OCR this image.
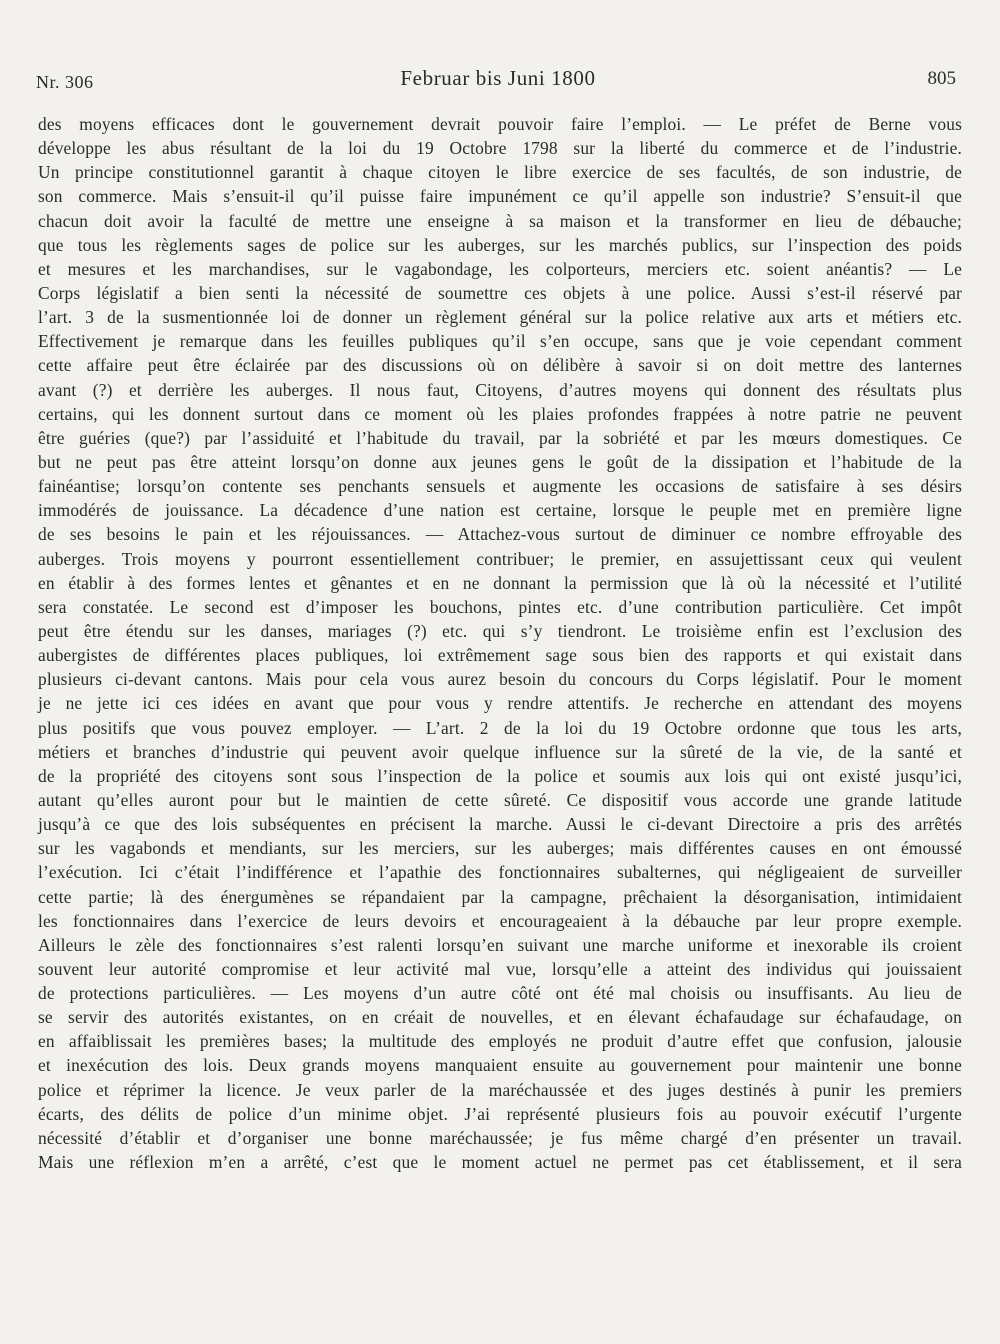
Nr. 306	Februar bis Juni 1800	805
des moyens efficaces dont le gouvernement devrait pouvoir faire l’emploi. — Le préfet de Berne vous
développe les abus résultant de la loi du 19 Octobre 1798 sur la liberté du commerce et de l’industrie.
Un principe constitutionnel garantit à chaque citoyen le libre exercice de ses facultés, de son industrie, de
son commerce. Mais s’ensuit-il qu’il puisse faire impunément ce qu’il appelle son industrie? S’ensuit-il que
chacun doit avoir la faculté de mettre une enseigne à sa maison et la transformer en lieu de débauche;
que tous les règlements sages de police sur les auberges, sur les marchés publics, sur l’inspection des poids
et mesures et les marchandises, sur le vagabondage, les colporteurs, merciers etc. soient anéantis? — Le
Corps législatif a bien senti la nécessité de soumettre ces objets à une police. Aussi s’est-il réservé par
l’art. 3 de la susmentionnée loi de donner un règlement général sur la police relative aux arts et métiers etc.
Effectivement je remarque dans les feuilles publiques qu’il s’en occupe, sans que je voie cependant comment
cette affaire peut être éclairée par des discussions où on délibère à savoir si on doit mettre des lanternes
avant (?) et derrière les auberges. Il nous faut, Citoyens, d’autres moyens qui donnent des résultats plus
certains, qui les donnent surtout dans ce moment où les plaies profondes frappées à notre patrie ne peuvent
être guéries (que?) par l’assiduité et l’habitude du travail, par la sobriété et par les mœurs domestiques. Ce
but ne peut pas être atteint lorsqu’on donne aux jeunes gens le goût de la dissipation et l’habitude de la
fainéantise; lorsqu’on contente ses penchants sensuels et augmente les occasions de satisfaire à ses désirs
immodérés de jouissance. La décadence d’une nation est certaine, lorsque le peuple met en première ligne
de ses besoins le pain et les réjouissances. — Attachez-vous surtout de diminuer ce nombre effroyable des
auberges. Trois moyens y pourront essentiellement contribuer; le premier, en assujettissant ceux qui veulent
en établir à des formes lentes et gênantes et en ne donnant la permission que là où la nécessité et l’utilité
sera constatée. Le second est d’imposer les bouchons, pintes etc. d’une contribution particulière. Cet impôt
peut être étendu sur les danses, mariages (?) etc. qui s’y tiendront. Le troisième enfin est l’exclusion des
aubergistes de différentes places publiques, loi extrêmement sage sous bien des rapports et qui existait dans
plusieurs ci-devant cantons. Mais pour cela vous aurez besoin du concours du Corps législatif. Pour le moment
je ne jette ici ces idées en avant que pour vous y rendre attentifs. Je recherche en attendant des moyens
plus positifs que vous pouvez employer. — L’art. 2 de la loi du 19 Octobre ordonne que tous les arts,
métiers et branches d’industrie qui peuvent avoir quelque influence sur la sûreté de la vie, de la santé et
de la propriété des citoyens sont sous l’inspection de la police et soumis aux lois qui ont existé jusqu’ici,
autant qu’elles auront pour but le maintien de cette sûreté. Ce dispositif vous accorde une grande latitude
jusqu’à ce que des lois subséquentes en précisent la marche. Aussi le ci-devant Directoire a pris des arrêtés
sur les vagabonds et mendiants, sur les merciers, sur les auberges; mais différentes causes en ont émoussé
l’exécution. Ici c’était l’indifférence et l’apathie des fonctionnaires subalternes, qui négligeaient de surveiller
cette partie; là des énergumènes se répandaient par la campagne, prêchaient la désorganisation, intimidaient
les fonctionnaires dans l’exercice de leurs devoirs et encourageaient à la débauche par leur propre exemple.
Ailleurs le zèle des fonctionnaires s’est ralenti lorsqu’en suivant une marche uniforme et inexorable ils croient
souvent leur autorité compromise et leur activité mal vue, lorsqu’elle a atteint des individus qui jouissaient
de protections particulières. — Les moyens d’un autre côté ont été mal choisis ou insuffisants. Au lieu de
se servir des autorités existantes, on en créait de nouvelles, et en élevant échafaudage sur échafaudage, on
en affaiblissait les premières bases; la multitude des employés ne produit d’autre effet que confusion, jalousie
et inexécution des lois. Deux grands moyens manquaient ensuite au gouvernement pour maintenir une bonne
police et réprimer la licence. Je veux parler de la maréchaussée et des juges destinés à punir les premiers
écarts, des délits de police d’un minime objet. J’ai représenté plusieurs fois au pouvoir exécutif l’urgente
nécessité d’établir et d’organiser une bonne maréchaussée; je fus même chargé d’en présenter un travail.
Mais une réflexion m’en a arrêté, c’est que le moment actuel ne permet pas cet établissement, et il sera
